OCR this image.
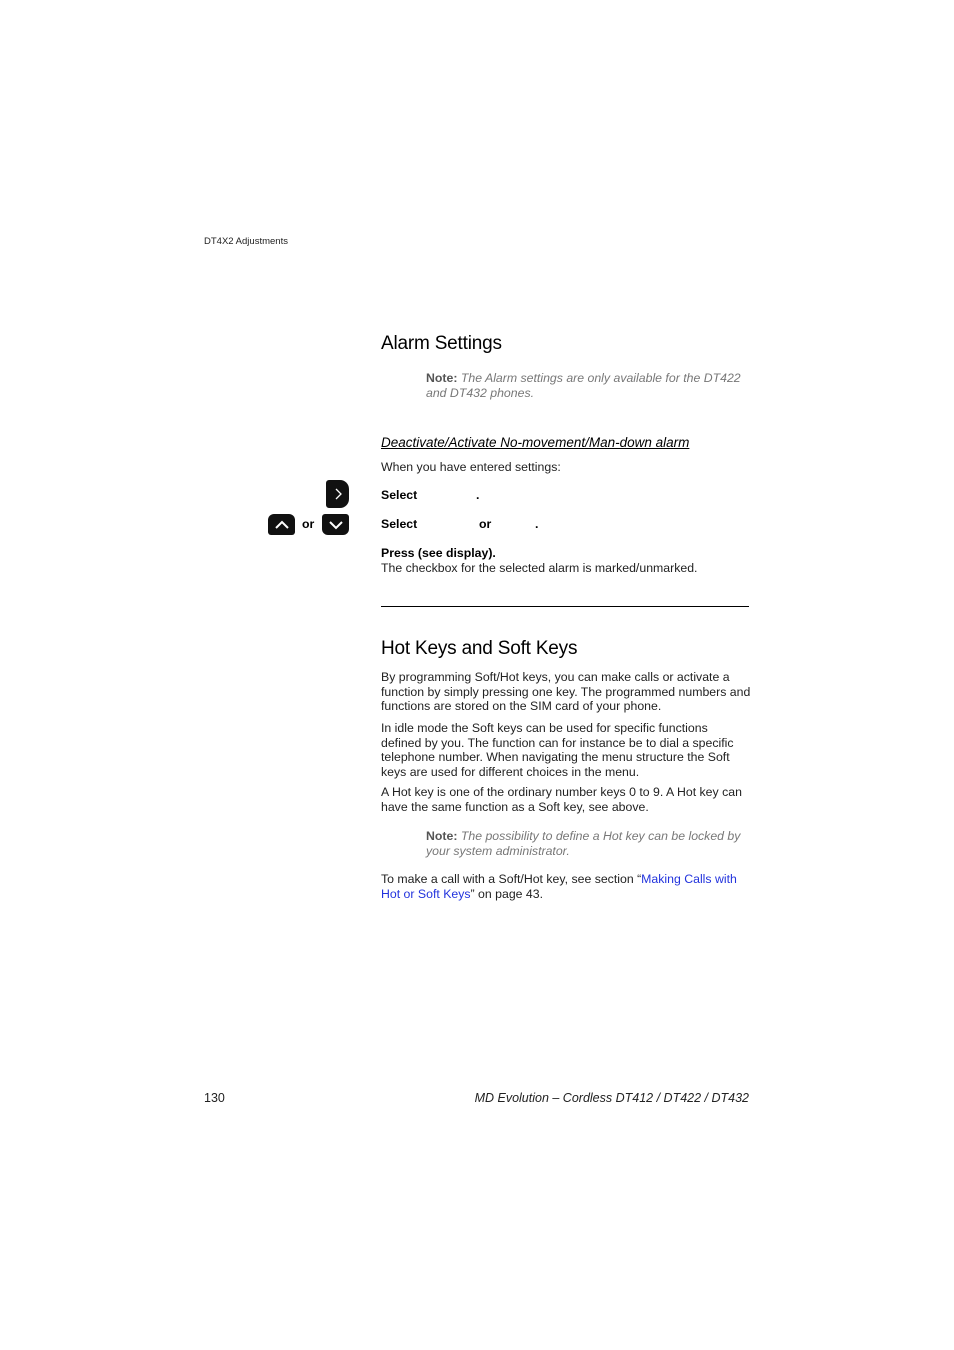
DT4X2 Adjustments
Alarm Settings
Note: The Alarm settings are only available for the DT422 and DT432 phones.
Deactivate/Activate No-movement/Man-down alarm
When you have entered settings:
Select	.
or	Select	or	.
Press (see display).
The checkbox for the selected alarm is marked/unmarked.
Hot Keys and Soft Keys
By programming Soft/Hot keys, you can make calls or activate a function by simply pressing one key. The programmed numbers and functions are stored on the SIM card of your phone.
In idle mode the Soft keys can be used for specific functions defined by you. The function can for instance be to dial a specific telephone number. When navigating the menu structure the Soft keys are used for different choices in the menu.
A Hot key is one of the ordinary number keys 0 to 9. A Hot key can have the same function as a Soft key, see above.
Note: The possibility to define a Hot key can be locked by your system administrator.
To make a call with a Soft/Hot key, see section “Making Calls with Hot or Soft Keys” on page 43.
130	MD Evolution – Cordless DT412 / DT422 / DT432
